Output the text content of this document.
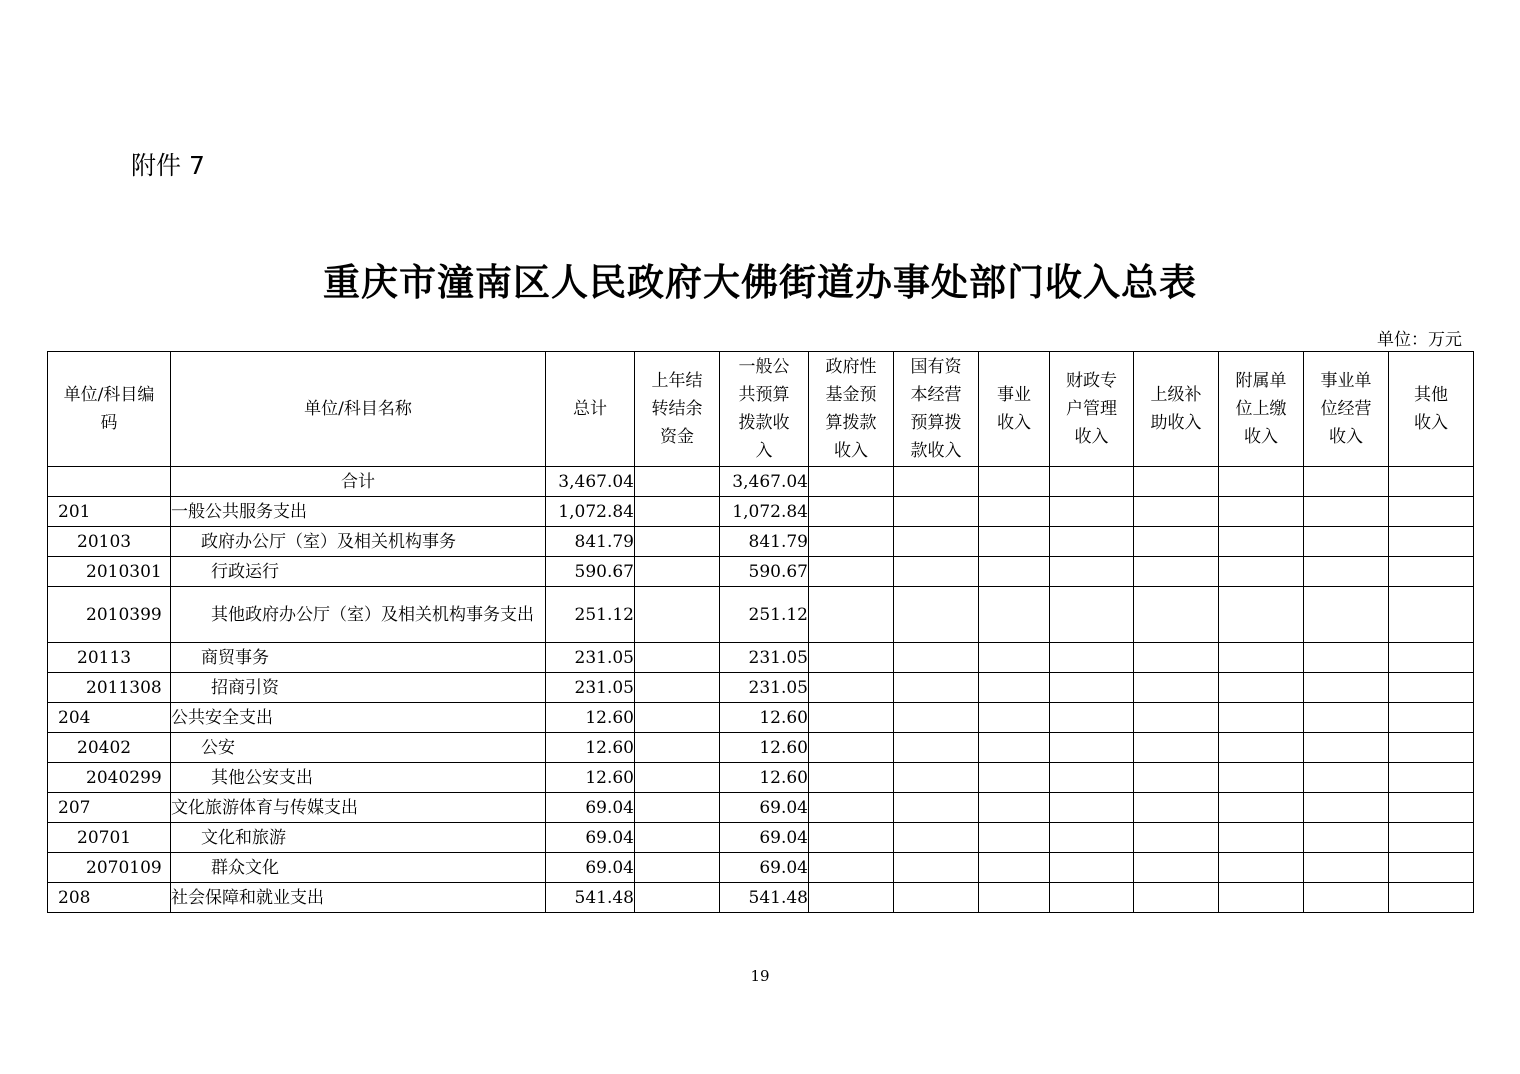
附件 7
重庆市潼南区人民政府大佛街道办事处部门收入总表
单位：万元
单位/科目编码	单位/科目名称	总计	上年结转结余资金	一般公共预算拨款收入	政府性基金预算拨款收入	国有资本经营预算拨款收入	事业收入	财政专户管理收入	上级补助收入	附属单位上缴收入	事业单位经营收入	其他收入
	合计	3,467.04		3,467.04								
201	一般公共服务支出	1,072.84		1,072.84								
20103	政府办公厅（室）及相关机构事务	841.79		841.79								
2010301	行政运行	590.67		590.67								
2010399	其他政府办公厅（室）及相关机构事务支出	251.12		251.12								
20113	商贸事务	231.05		231.05								
2011308	招商引资	231.05		231.05								
204	公共安全支出	12.60		12.60								
20402	公安	12.60		12.60								
2040299	其他公安支出	12.60		12.60								
207	文化旅游体育与传媒支出	69.04		69.04								
20701	文化和旅游	69.04		69.04								
2070109	群众文化	69.04		69.04								
208	社会保障和就业支出	541.48		541.48								
19
